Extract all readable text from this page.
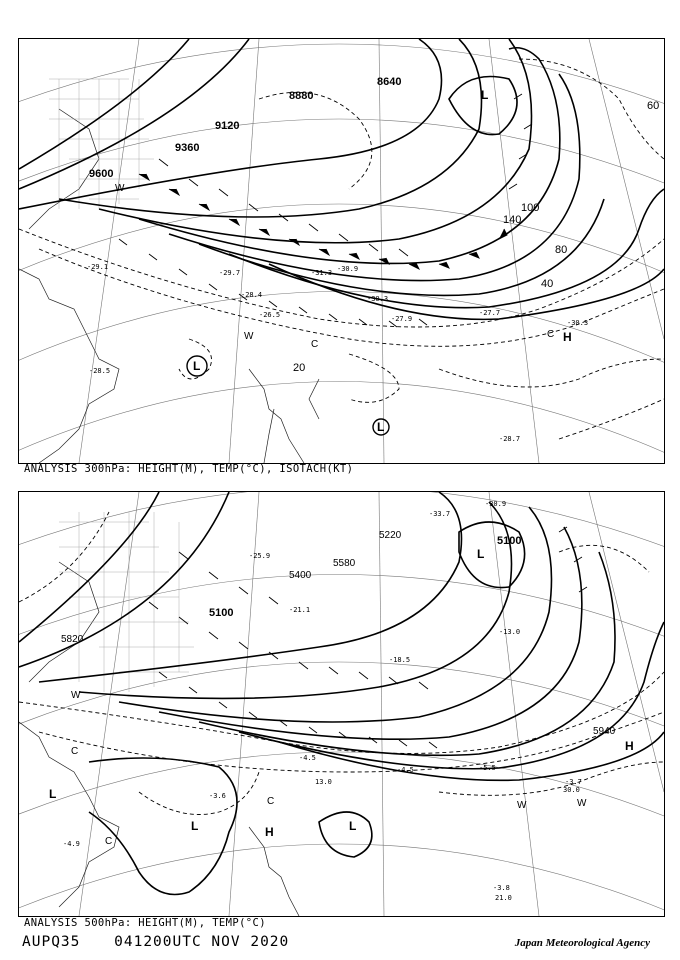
9600
9360
9120
8880
8640
20
40
60
80
100
140
L
L
L
H
W
C
W
C
-29.7
-28.4
-31.3
-27.9	-30.3
-28.7
-26.5
-28.5
-30.9
-27.7
-30.3
-29.1
ANALYSIS 300hPa: HEIGHT(M), TEMP(°C), ISOTACH(KT)
5100
5100
5820
5400
5940
5220
5580
L
L
L	L
H
H
W
W	W
C
C
C
-33.7
-30.9
-25.9
-21.1
-18.5
-13.0
-4.5	-5.5
-3.7
-3.8
-3.6
-4.9
-4.5
21.0
30.0
13.0
ANALYSIS 500hPa: HEIGHT(M), TEMP(°C)
AUPQ35 041200UTC NOV 2020	Japan Meteorological Agency
